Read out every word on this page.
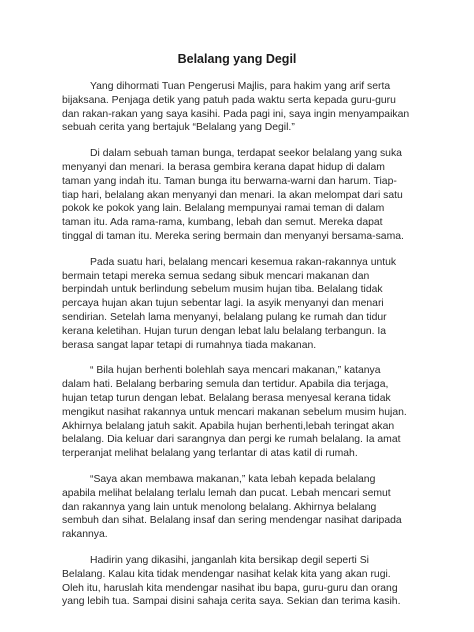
Belalang yang Degil
Yang dihormati Tuan Pengerusi Majlis, para hakim yang arif serta
bijaksana. Penjaga detik yang patuh pada waktu serta kepada guru-guru
dan rakan-rakan yang saya kasihi. Pada pagi ini, saya ingin menyampaikan
sebuah cerita yang bertajuk “Belalang yang Degil.”
Di dalam sebuah taman bunga, terdapat seekor belalang yang suka
menyanyi dan menari. Ia berasa gembira kerana dapat hidup di dalam
taman yang indah itu. Taman bunga itu berwarna-warni dan harum. Tiap-
tiap hari, belalang akan menyanyi dan menari. Ia akan melompat dari satu
pokok ke pokok yang lain. Belalang mempunyai ramai teman di dalam
taman itu. Ada rama-rama, kumbang, lebah dan semut. Mereka dapat
tinggal di taman itu. Mereka sering bermain dan menyanyi bersama-sama.
Pada suatu hari, belalang mencari kesemua rakan-rakannya untuk
bermain tetapi mereka semua sedang sibuk mencari makanan dan
berpindah untuk berlindung sebelum musim hujan tiba. Belalang tidak
percaya hujan akan tujun sebentar lagi. Ia asyik menyanyi dan menari
sendirian. Setelah lama menyanyi, belalang pulang ke rumah dan tidur
kerana keletihan. Hujan turun dengan lebat lalu belalang terbangun. Ia
berasa sangat lapar tetapi di rumahnya tiada makanan.
“ Bila hujan berhenti bolehlah saya mencari makanan,” katanya
dalam hati. Belalang berbaring semula dan tertidur. Apabila dia terjaga,
hujan tetap turun dengan lebat. Belalang berasa menyesal kerana tidak
mengikut nasihat rakannya untuk mencari makanan sebelum musim hujan.
Akhirnya belalang jatuh sakit. Apabila hujan berhenti,lebah teringat akan
belalang. Dia keluar dari sarangnya dan pergi ke rumah belalang. Ia amat
terperanjat melihat belalang yang terlantar di atas katil di rumah.
“Saya akan membawa makanan,” kata lebah kepada belalang
apabila melihat belalang terlalu lemah dan pucat. Lebah mencari semut
dan rakannya yang lain untuk menolong belalang. Akhirnya belalang
sembuh dan sihat. Belalang insaf dan sering mendengar nasihat daripada
rakannya.
Hadirin yang dikasihi, janganlah kita bersikap degil seperti Si
Belalang. Kalau kita tidak mendengar nasihat kelak kita yang akan rugi.
Oleh itu, haruslah kita mendengar nasihat ibu bapa, guru-guru dan orang
yang lebih tua. Sampai disini sahaja cerita saya. Sekian dan terima kasih.
